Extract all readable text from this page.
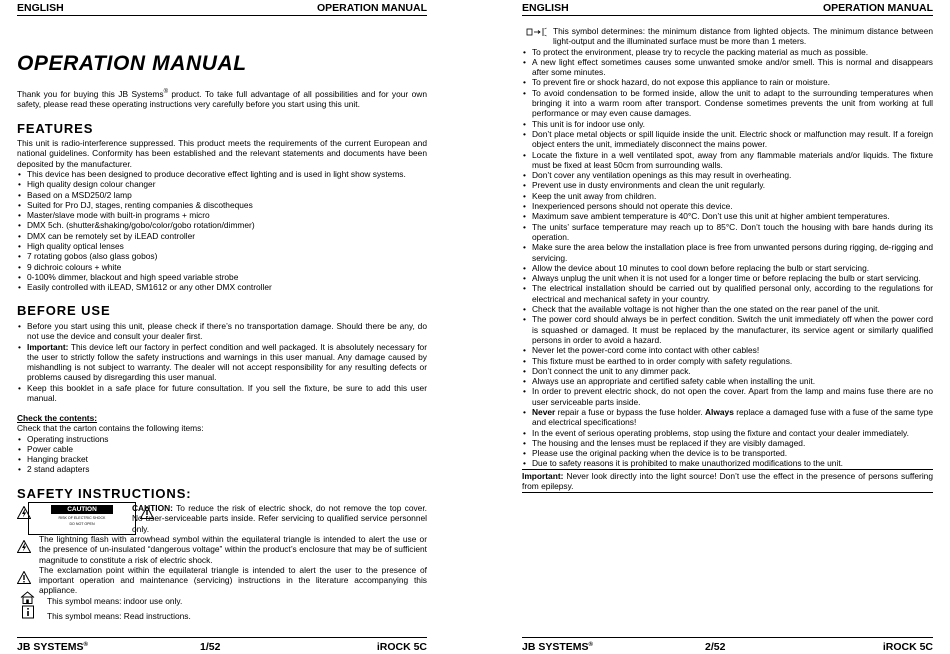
ENGLISH	OPERATION MANUAL
OPERATION MANUAL
Thank you for buying this JB Systems® product. To take full advantage of all possibilities and for your own safety, please read these operating instructions very carefully before you start using this unit.
FEATURES
This unit is radio-interference suppressed. This product meets the requirements of the current European and national guidelines. Conformity has been established and the relevant statements and documents have been deposited by the manufacturer.
• This device has been designed to produce decorative effect lighting and is used in light show systems.
• High quality design colour changer
• Based on a MSD250/2 lamp
• Suited for Pro DJ, stages, renting companies & discotheques
• Master/slave mode with built-in programs + micro
• DMX 5ch. (shutter&shaking/gobo/color/gobo rotation/dimmer)
• DMX can be remotely set by iLEAD controller
• High quality optical lenses
• 7 rotating gobos (also glass gobos)
• 9 dichroic colours + white
• 0-100% dimmer, blackout and high speed variable strobe
• Easily controlled with iLEAD, SM1612 or any other DMX controller
BEFORE USE
• Before you start using this unit, please check if there’s no transportation damage. Should there be any, do not use the device and consult your dealer first.
• Important: This device left our factory in perfect condition and well packaged. It is absolutely necessary for the user to strictly follow the safety instructions and warnings in this user manual. Any damage caused by mishandling is not subject to warranty. The dealer will not accept responsibility for any resulting defects or problems caused by disregarding this user manual.
• Keep this booklet in a safe place for future consultation. If you sell the fixture, be sure to add this user manual.
Check the contents:
Check that the carton contains the following items:
• Operating instructions
• Power cable
• Hanging bracket
• 2 stand adapters
SAFETY INSTRUCTIONS:
CAUTION
RISK OF ELECTRIC SHOCK
DO NOT OPEN
CAUTION: To reduce the risk of electric shock, do not remove the top cover. No user-serviceable parts inside. Refer servicing to qualified service personnel only.
The lightning flash with arrowhead symbol within the equilateral triangle is intended to alert the use or the presence of un-insulated “dangerous voltage” within the product’s enclosure that may be of sufficient magnitude to constitute a risk of electric shock.
The exclamation point within the equilateral triangle is intended to alert the user to the presence of important operation and maintenance (servicing) instructions in the literature accompanying this appliance.
This symbol means: indoor use only.
This symbol means: Read instructions.
JB SYSTEMS®	1/52	iROCK 5C
ENGLISH	OPERATION MANUAL
This symbol determines: the minimum distance from lighted objects. The minimum distance between light-output and the illuminated surface must be more than 1 meters.
• To protect the environment, please try to recycle the packing material as much as possible.
• A new light effect sometimes causes some unwanted smoke and/or smell. This is normal and disappears after some minutes.
• To prevent fire or shock hazard, do not expose this appliance to rain or moisture.
• To avoid condensation to be formed inside, allow the unit to adapt to the surrounding temperatures when bringing it into a warm room after transport. Condense sometimes prevents the unit from working at full performance or may even cause damages.
• This unit is for indoor use only.
• Don’t place metal objects or spill liquide inside the unit. Electric shock or malfunction may result. If a foreign object enters the unit, immediately disconnect the mains power.
• Locate the fixture in a well ventilated spot, away from any flammable materials and/or liquids. The fixture must be fixed at least 50cm from surrounding walls.
• Don’t cover any ventilation openings as this may result in overheating.
• Prevent use in dusty environments and clean the unit regularly.
• Keep the unit away from children.
• Inexperienced persons should not operate this device.
• Maximum save ambient temperature is 40°C. Don’t use this unit at higher ambient temperatures.
• The units’ surface temperature may reach up to 85°C. Don’t touch the housing with bare hands during its operation.
• Make sure the area below the installation place is free from unwanted persons during rigging, de-rigging and servicing.
• Allow the device about 10 minutes to cool down before replacing the bulb or start servicing.
• Always unplug the unit when it is not used for a longer time or before replacing the bulb or start servicing.
• The electrical installation should be carried out by qualified personal only, according to the regulations for electrical and mechanical safety in your country.
• Check that the available voltage is not higher than the one stated on the rear panel of the unit.
• The power cord should always be in perfect condition. Switch the unit immediately off when the power cord is squashed or damaged. It must be replaced by the manufacturer, its service agent or similarly qualified persons in order to avoid a hazard.
• Never let the power-cord come into contact with other cables!
• This fixture must be earthed to in order comply with safety regulations.
• Don’t connect the unit to any dimmer pack.
• Always use an appropriate and certified safety cable when installing the unit.
• In order to prevent electric shock, do not open the cover. Apart from the lamp and mains fuse there are no user serviceable parts inside.
• Never repair a fuse or bypass the fuse holder. Always replace a damaged fuse with a fuse of the same type and electrical specifications!
• In the event of serious operating problems, stop using the fixture and contact your dealer immediately.
• The housing and the lenses must be replaced if they are visibly damaged.
• Please use the original packing when the device is to be transported.
• Due to safety reasons it is prohibited to make unauthorized modifications to the unit.
Important: Never look directly into the light source! Don’t use the effect in the presence of persons suffering from epilepsy.
JB SYSTEMS®	2/52	iROCK 5C
